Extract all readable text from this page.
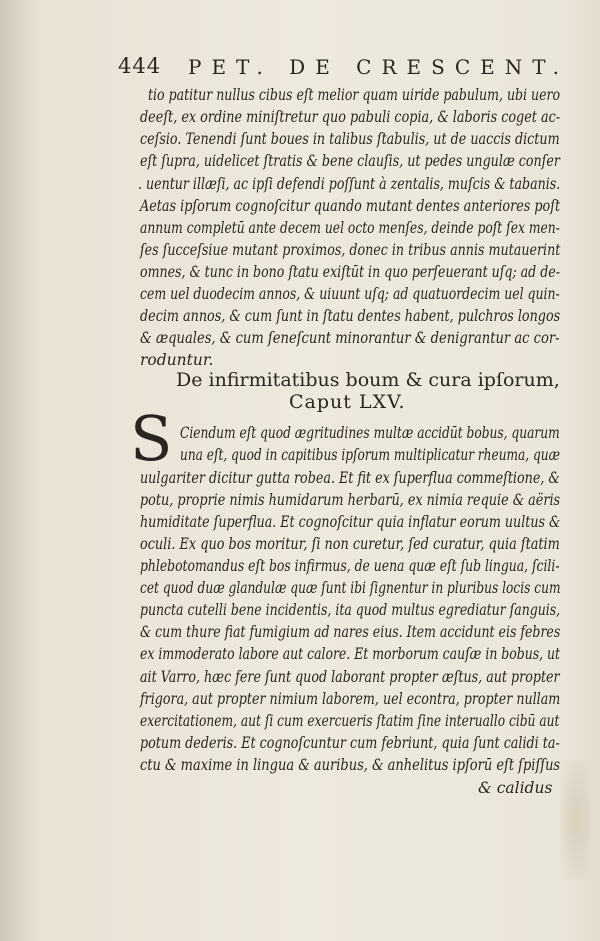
444 PET. DE CRESCENT.
tio patitur nullus cibus eſt melior quam uiride pabulum, ubi uero
deeſt, ex ordine miniſtretur quo pabuli copia, & laboris coget ac-
ceſsio. Tenendi ſunt boues in talibus ſtabulis, ut de uaccis dictum
eſt ſupra, uidelicet ſtratis & bene clauſis, ut pedes ungulæ conſer
. uentur illæſi, ac ipſi defendi poſſunt à zentalis, muſcis & tabanis.
Aetas ipſorum cognoſcitur quando mutant dentes anteriores poſt
annum completū ante decem uel octo menſes, deinde poſt ſex men-
ſes ſucceſsiue mutant proximos, donec in tribus annis mutauerint
omnes, & tunc in bono ſtatu exiſtūt in quo perſeuerant uſq; ad de-
cem uel duodecim annos, & uiuunt uſq; ad quatuordecim uel quin-
decim annos, & cum ſunt in ſtatu dentes habent, pulchros longos
& æquales, & cum ſeneſcunt minorantur & denigrantur ac cor-
roduntur.
De infirmitatibus boum & cura ipſorum,
Caput LXV.
S Ciendum eſt quod ægritudines multæ accidūt bobus, quarum
una eſt, quod in capitibus ipſorum multiplicatur rheuma, quæ
uulgariter dicitur gutta robea. Et fit ex ſuperflua commeſtione, &
potu, proprie nimis humidarum herbarū, ex nimia requie & aëris
humiditate ſuperflua. Et cognoſcitur quia inflatur eorum uultus &
oculi. Ex quo bos moritur, ſi non curetur, ſed curatur, quia ſtatim
phlebotomandus eſt bos infirmus, de uena quæ eſt ſub lingua, ſcili-
cet quod duæ glandulæ quæ ſunt ibi ſignentur in pluribus locis cum
puncta cutelli bene incidentis, ita quod multus egrediatur ſanguis,
& cum thure fiat fumigium ad nares eius. Item accidunt eis febres
ex immoderato labore aut calore. Et morborum cauſæ in bobus, ut
ait Varro, hæc fere ſunt quod laborant propter æſtus, aut propter
frigora, aut propter nimium laborem, uel econtra, propter nullam
exercitationem, aut ſi cum exercueris ſtatim ſine interuallo cibū aut
potum dederis. Et cognoſcuntur cum febriunt, quia ſunt calidi ta-
ctu & maxime in lingua & auribus, & anhelitus ipſorū eſt ſpiſſus
& calidus
